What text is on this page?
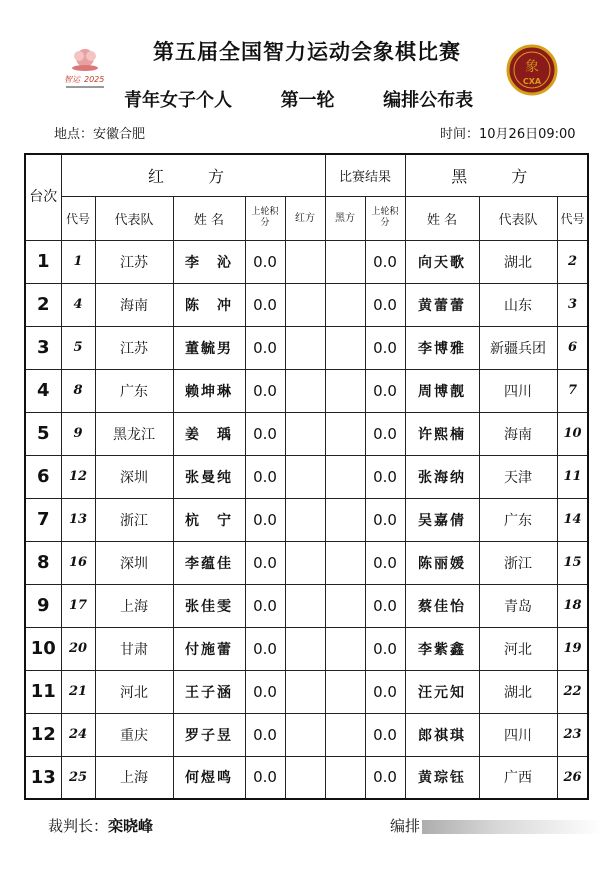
第五届全国智力运动会象棋比赛
智运 2025
象
CXA
青年女子个人	第一轮	编排公布表
地点：安徽合肥	时间：10月26日09:00
台次	红　方					比赛结果		黑　方		
	代号	代表队	姓 名	上轮积分	红方	黑方	上轮积分	姓 名	代表队	代号
1	1	江苏	李　沁	0.0			0.0	向天歌	湖北	2
2	4	海南	陈　冲	0.0			0.0	黄蕾蕾	山东	3
3	5	江苏	董毓男	0.0			0.0	李博雅	新疆兵团	6
4	8	广东	赖坤琳	0.0			0.0	周博靓	四川	7
5	9	黑龙江	姜　瑀	0.0			0.0	许熙楠	海南	10
6	12	深圳	张曼纯	0.0			0.0	张海纳	天津	11
7	13	浙江	杭　宁	0.0			0.0	吴嘉倩	广东	14
8	16	深圳	李蕴佳	0.0			0.0	陈丽媛	浙江	15
9	17	上海	张佳雯	0.0			0.0	蔡佳怡	青岛	18
10	20	甘肃	付施蕾	0.0			0.0	李紫鑫	河北	19
11	21	河北	王子涵	0.0			0.0	汪元知	湖北	22
12	24	重庆	罗子昱	0.0			0.0	郎祺琪	四川	23
13	25	上海	何煜鸣	0.0			0.0	黄琮钰	广西	26
裁判长：栾晓峰	编排
